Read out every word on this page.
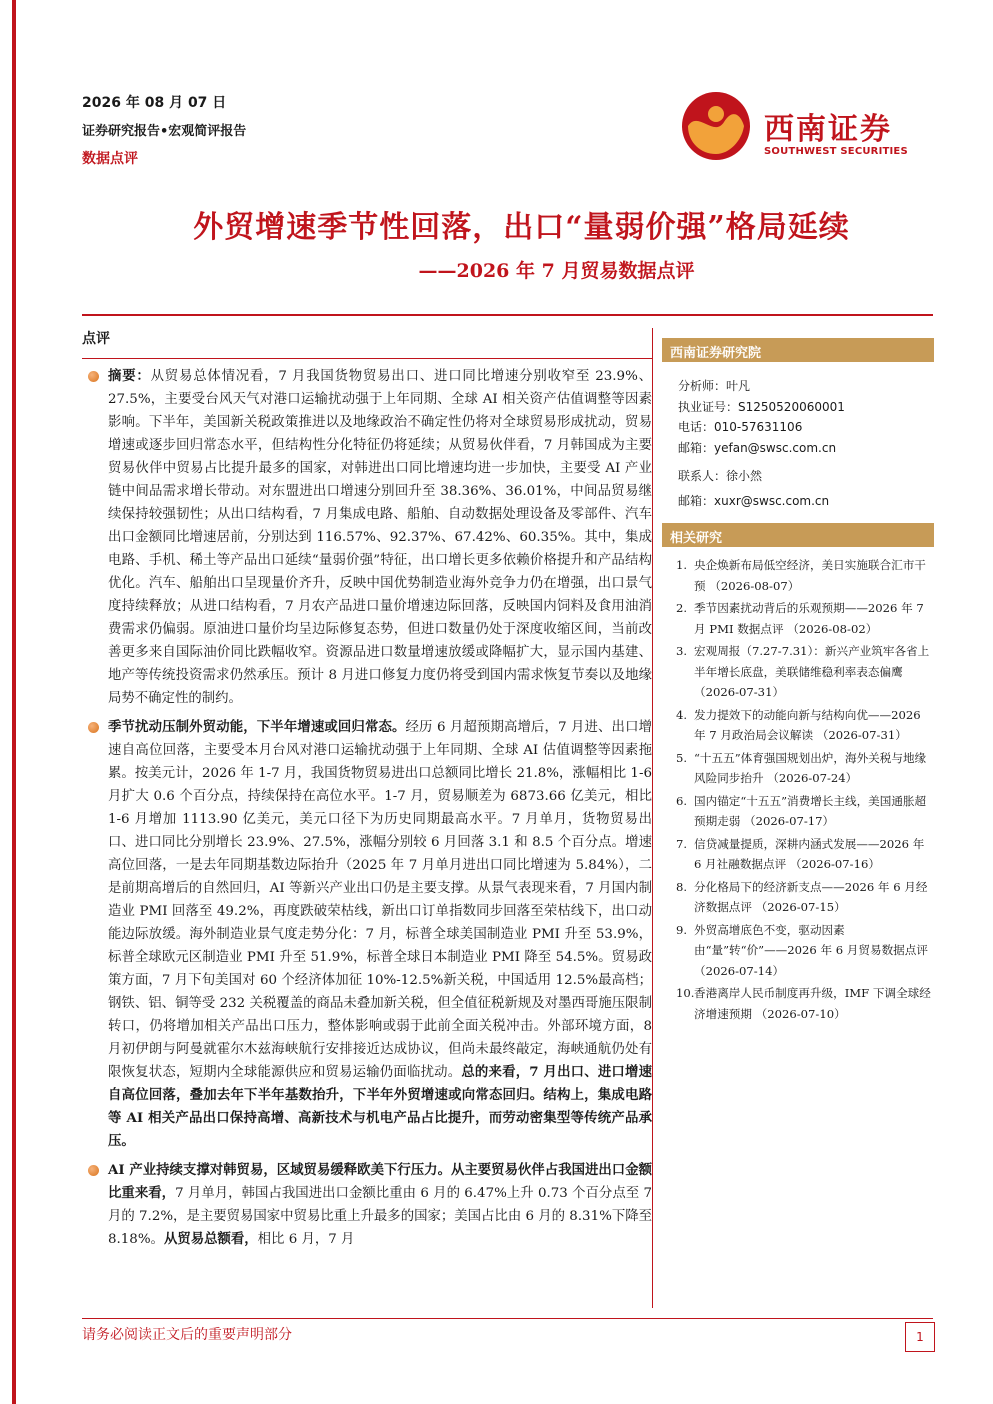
2026 年 08 月 07 日
证券研究报告•宏观简评报告
数据点评
西南证券
SOUTHWEST SECURITIES
外贸增速季节性回落，出口“量弱价强”格局延续
——2026 年 7 月贸易数据点评
点评
摘要：从贸易总体情况看，7 月我国货物贸易出口、进口同比增速分别收窄至 23.9%、27.5%，主要受台风天气对港口运输扰动强于上年同期、全球 AI 相关资产估值调整等因素影响。下半年，美国新关税政策推进以及地缘政治不确定性仍将对全球贸易形成扰动，贸易增速或逐步回归常态水平，但结构性分化特征仍将延续；从贸易伙伴看，7 月韩国成为主要贸易伙伴中贸易占比提升最多的国家，对韩进出口同比增速均进一步加快，主要受 AI 产业链中间品需求增长带动。对东盟进出口增速分别回升至 38.36%、36.01%，中间品贸易继续保持较强韧性；从出口结构看，7 月集成电路、船舶、自动数据处理设备及零部件、汽车出口金额同比增速居前，分别达到 116.57%、92.37%、67.42%、60.35%。其中，集成电路、手机、稀土等产品出口延续“量弱价强”特征，出口增长更多依赖价格提升和产品结构优化。汽车、船舶出口呈现量价齐升，反映中国优势制造业海外竞争力仍在增强，出口景气度持续释放；从进口结构看，7 月农产品进口量价增速边际回落，反映国内饲料及食用油消费需求仍偏弱。原油进口量价均呈边际修复态势，但进口数量仍处于深度收缩区间，当前改善更多来自国际油价同比跌幅收窄。资源品进口数量增速放缓或降幅扩大，显示国内基建、地产等传统投资需求仍然承压。预计 8 月进口修复力度仍将受到国内需求恢复节奏以及地缘局势不确定性的制约。
季节扰动压制外贸动能，下半年增速或回归常态。经历 6 月超预期高增后，7 月进、出口增速自高位回落，主要受本月台风对港口运输扰动强于上年同期、全球 AI 估值调整等因素拖累。按美元计，2026 年 1-7 月，我国货物贸易进出口总额同比增长 21.8%，涨幅相比 1-6 月扩大 0.6 个百分点，持续保持在高位水平。1-7 月，贸易顺差为 6873.66 亿美元，相比 1-6 月增加 1113.90 亿美元，美元口径下为历史同期最高水平。7 月单月，货物贸易出口、进口同比分别增长 23.9%、27.5%，涨幅分别较 6 月回落 3.1 和 8.5 个百分点。增速高位回落，一是去年同期基数边际抬升（2025 年 7 月单月进出口同比增速为 5.84%），二是前期高增后的自然回归，AI 等新兴产业出口仍是主要支撑。从景气表现来看，7 月国内制造业 PMI 回落至 49.2%，再度跌破荣枯线，新出口订单指数同步回落至荣枯线下，出口动能边际放缓。海外制造业景气度走势分化：7 月，标普全球美国制造业 PMI 升至 53.9%，标普全球欧元区制造业 PMI 升至 51.9%，标普全球日本制造业 PMI 降至 54.5%。贸易政策方面，7 月下旬美国对 60 个经济体加征 10%-12.5%新关税，中国适用 12.5%最高档；钢铁、铝、铜等受 232 关税覆盖的商品未叠加新关税，但全值征税新规及对墨西哥施压限制转口，仍将增加相关产品出口压力，整体影响或弱于此前全面关税冲击。外部环境方面，8 月初伊朗与阿曼就霍尔木兹海峡航行安排接近达成协议，但尚未最终敲定，海峡通航仍处有限恢复状态，短期内全球能源供应和贸易运输仍面临扰动。总的来看，7 月出口、进口增速自高位回落，叠加去年下半年基数抬升，下半年外贸增速或向常态回归。结构上，集成电路等 AI 相关产品出口保持高增、高新技术与机电产品占比提升，而劳动密集型等传统产品承压。
AI 产业持续支撑对韩贸易，区域贸易缓释欧美下行压力。从主要贸易伙伴占我国进出口金额比重来看，7 月单月，韩国占我国进出口金额比重由 6 月的 6.47%上升 0.73 个百分点至 7 月的 7.2%，是主要贸易国家中贸易比重上升最多的国家；美国占比由 6 月的 8.31%下降至 8.18%。从贸易总额看，相比 6 月，7 月
西南证券研究院
分析师：叶凡
执业证号：S1250520060001
电话：010-57631106
邮箱：yefan@swsc.com.cn
联系人：徐小然
邮箱：xuxr@swsc.com.cn
相关研究
1. 央企焕新布局低空经济，美日实施联合汇市干预 （2026-08-07）
2. 季节因素扰动背后的乐观预期——2026 年 7 月 PMI 数据点评 （2026-08-02）
3. 宏观周报（7.27-7.31）：新兴产业筑牢各省上半年增长底盘，美联储维稳利率表态偏鹰 （2026-07-31）
4. 发力提效下的动能向新与结构向优——2026 年 7 月政治局会议解读 （2026-07-31）
5. “十五五”体育强国规划出炉，海外关税与地缘风险同步抬升 （2026-07-24）
6. 国内锚定“十五五”消费增长主线，美国通胀超预期走弱 （2026-07-17）
7. 信贷减量提质，深耕内涵式发展——2026 年 6 月社融数据点评 （2026-07-16）
8. 分化格局下的经济新支点——2026 年 6 月经济数据点评 （2026-07-15）
9. 外贸高增底色不变，驱动因素由“量”转“价”——2026 年 6 月贸易数据点评 （2026-07-14）
10. 香港离岸人民币制度再升级，IMF 下调全球经济增速预期 （2026-07-10）
请务必阅读正文后的重要声明部分	1
